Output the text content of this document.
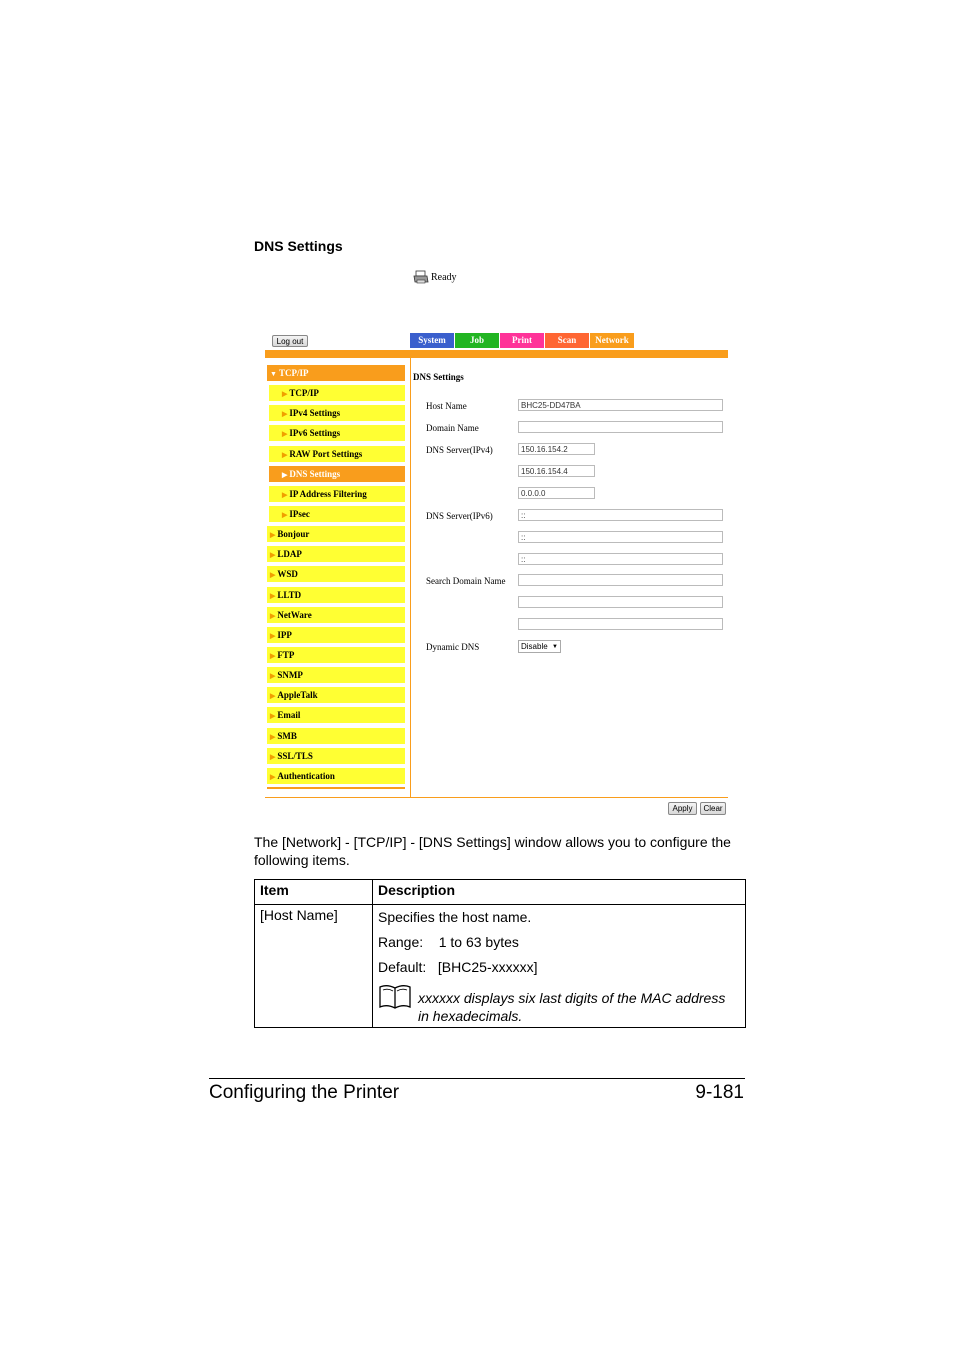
DNS Settings
Ready
Log out	System	Job	Print	Scan	Network
▼ TCP/IP
▶ TCP/IP
▶ IPv4 Settings
▶ IPv6 Settings
▶ RAW Port Settings
▶ DNS Settings
▶ IP Address Filtering
▶ IPsec
▶ Bonjour
▶ LDAP
▶ WSD
▶ LLTD
▶ NetWare
▶ IPP
▶ FTP
▶ SNMP
▶ AppleTalk
▶ Email
▶ SMB
▶ SSL/TLS
▶ Authentication
DNS Settings
Host Name	BHC25-DD47BA
Domain Name
DNS Server(IPv4)	150.16.154.2
150.16.154.4
0.0.0.0
DNS Server(IPv6)	::
::
::
Search Domain Name
Dynamic DNS	Disable ▼
Apply	Clear
The [Network] - [TCP/IP] - [DNS Settings] window allows you to configure the following items.
Item	Description
[Host Name]	Specifies the host name.
Range:    1 to 63 bytes
Default:   [BHC25-xxxxxx]
xxxxxx displays six last digits of the MAC address in hexadecimals.
Configuring the Printer	9-181
